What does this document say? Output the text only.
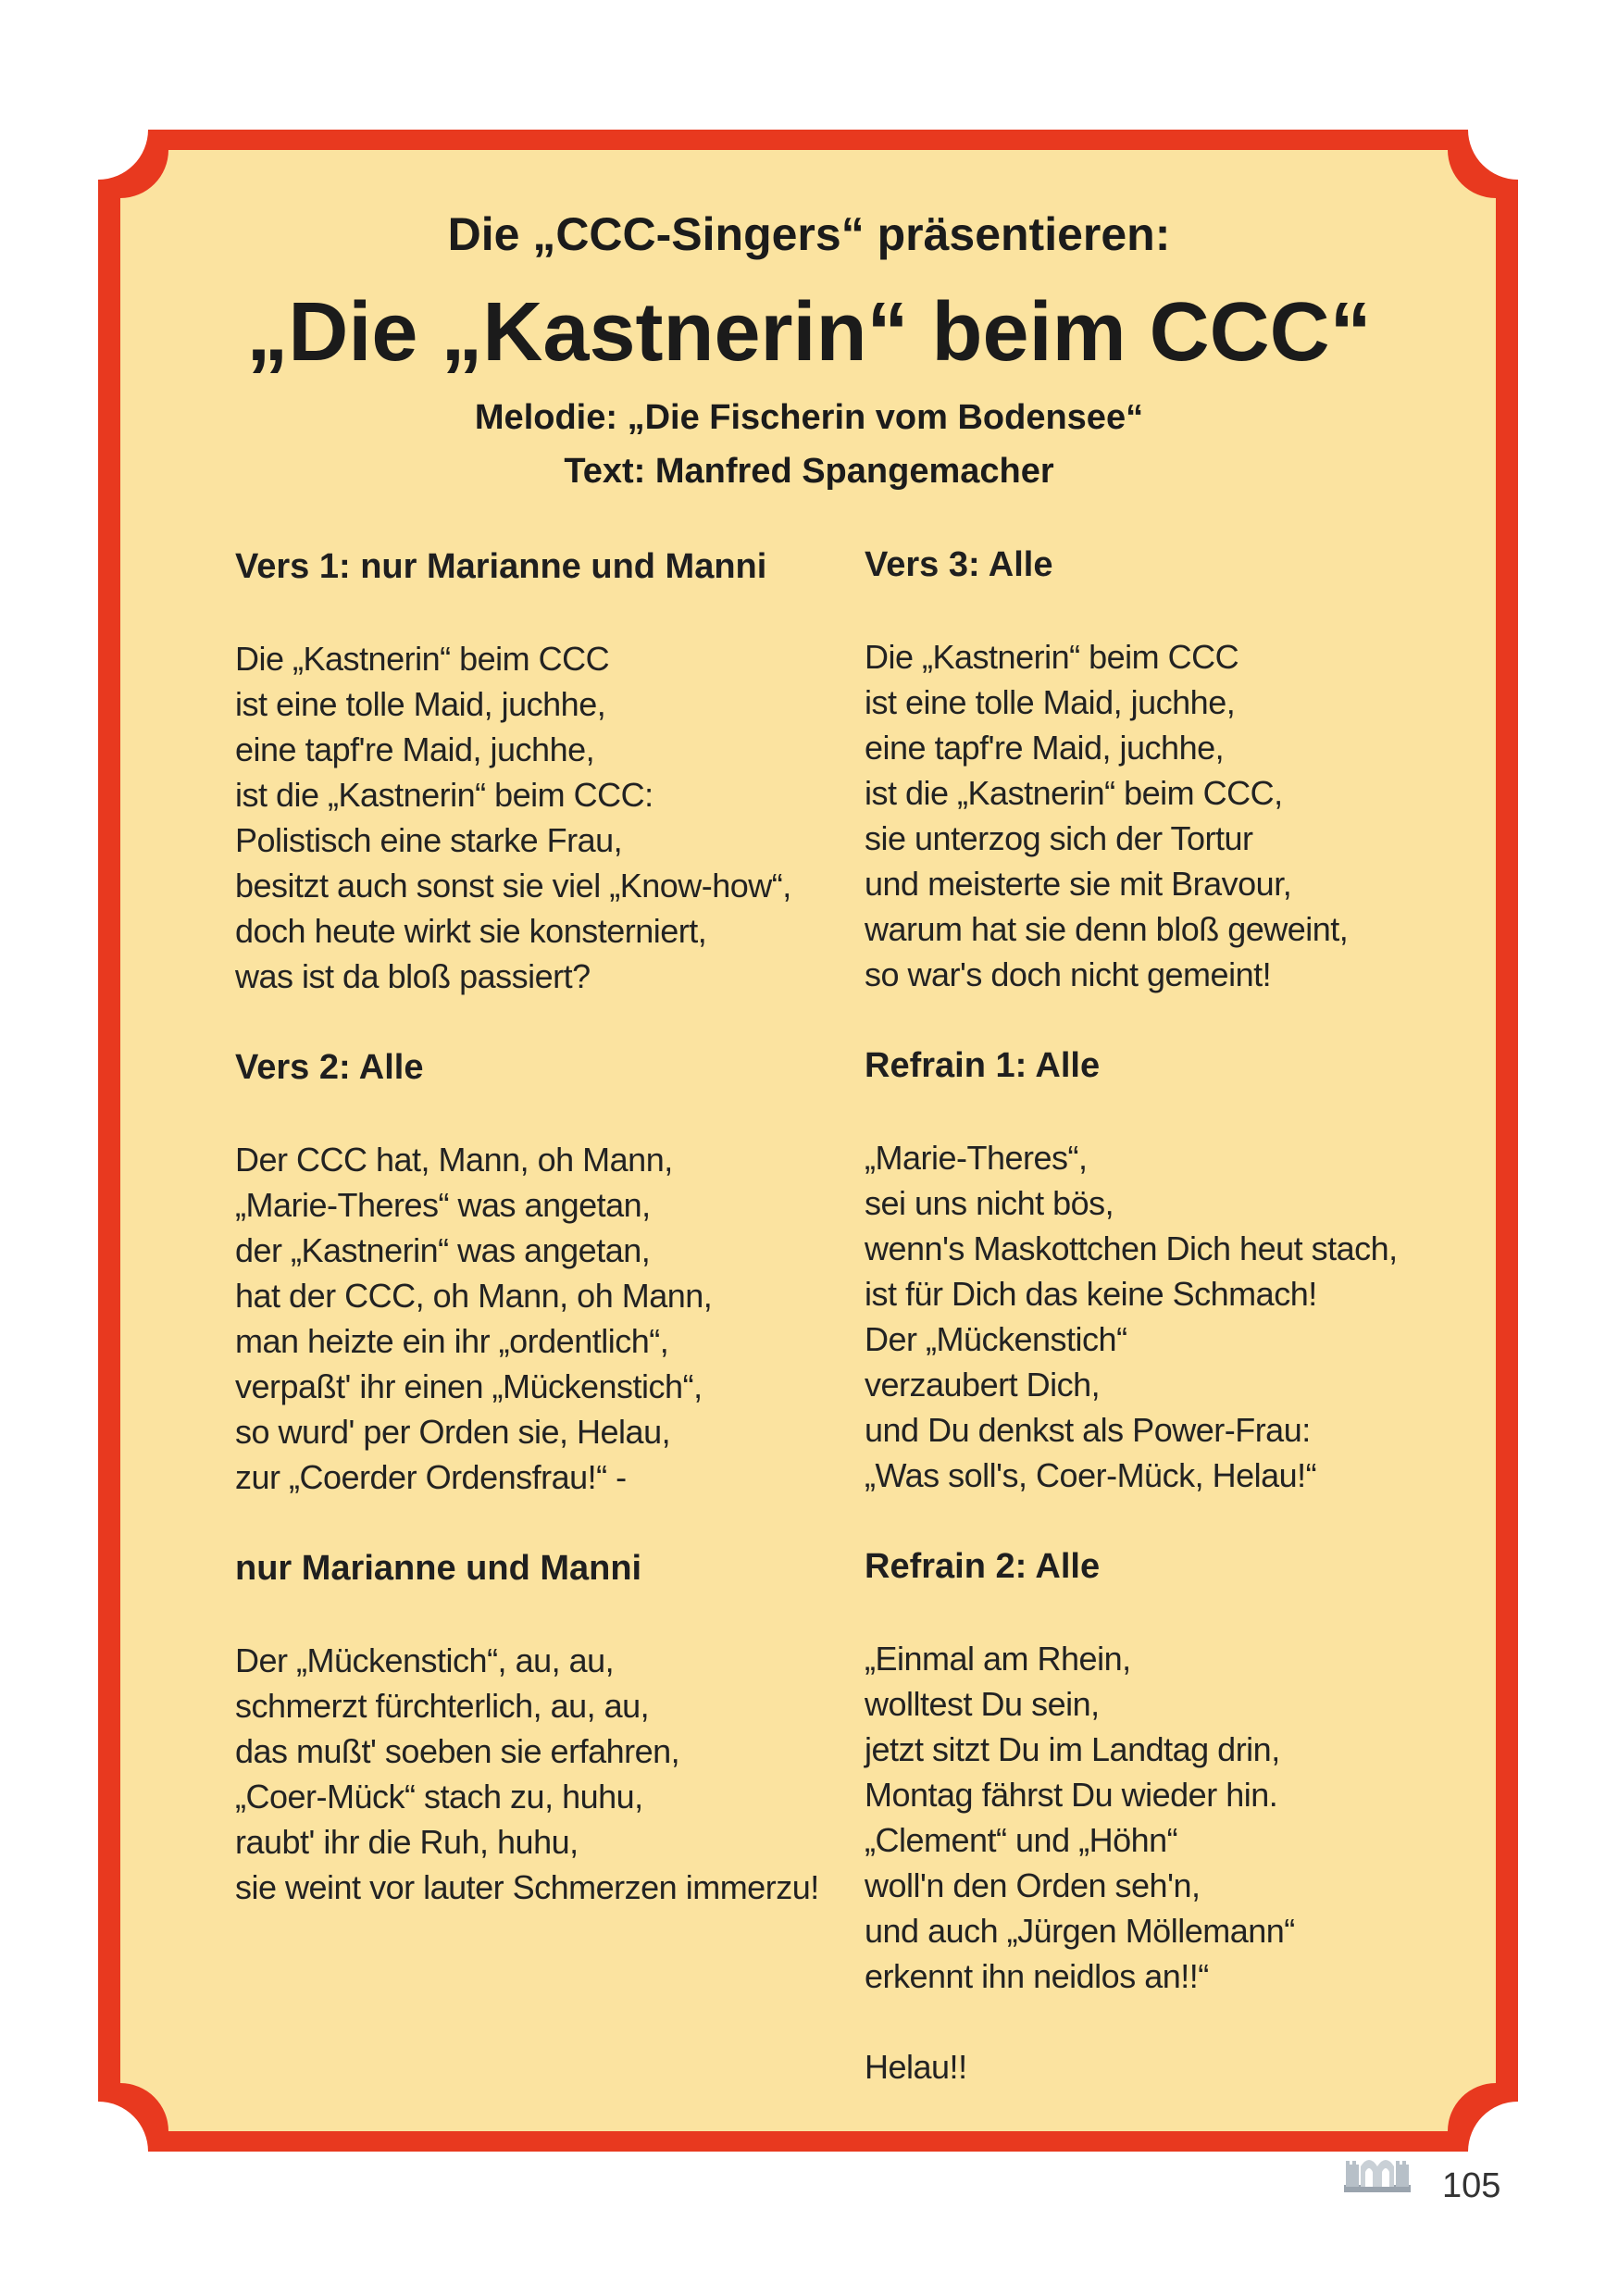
Die „CCC-Singers“ präsentieren:
„Die „Kastnerin“ beim CCC“
Melodie: „Die Fischerin vom Bodensee“
Text: Manfred Spangemacher
Vers 1: nur Marianne und Manni
Die „Kastnerin“ beim CCC
ist eine tolle Maid, juchhe,
eine tapf're Maid, juchhe,
ist die „Kastnerin“ beim CCC:
Polistisch eine starke Frau,
besitzt auch sonst sie viel „Know-how“,
doch heute wirkt sie konsterniert,
was ist da bloß passiert?
Vers 2: Alle
Der CCC hat, Mann, oh Mann,
„Marie-Theres“ was angetan,
der „Kastnerin“ was angetan,
hat der CCC, oh Mann, oh Mann,
man heizte ein ihr „ordentlich“,
verpaßt' ihr einen „Mückenstich“,
so wurd' per Orden sie, Helau,
zur „Coerder Ordensfrau!“ -
nur Marianne und Manni
Der „Mückenstich“, au, au,
schmerzt fürchterlich, au, au,
das mußt' soeben sie erfahren,
„Coer-Mück“ stach zu, huhu,
raubt' ihr die Ruh, huhu,
sie weint vor lauter Schmerzen immerzu!
Vers 3: Alle
Die „Kastnerin“ beim CCC
ist eine tolle Maid, juchhe,
eine tapf're Maid, juchhe,
ist die „Kastnerin“ beim CCC,
sie unterzog sich der Tortur
und meisterte sie mit Bravour,
warum hat sie denn bloß geweint,
so war's doch nicht gemeint!
Refrain 1: Alle
„Marie-Theres“,
sei uns nicht bös,
wenn's Maskottchen Dich heut stach,
ist für Dich das keine Schmach!
Der „Mückenstich“
verzaubert Dich,
und Du denkst als Power-Frau:
„Was soll's, Coer-Mück, Helau!“
Refrain 2: Alle
„Einmal am Rhein,
wolltest Du sein,
jetzt sitzt Du im Landtag drin,
Montag fährst Du wieder hin.
„Clement“ und „Höhn“
woll'n den Orden seh'n,
und auch „Jürgen Möllemann“
erkennt ihn neidlos an!!“
Helau!!
105
